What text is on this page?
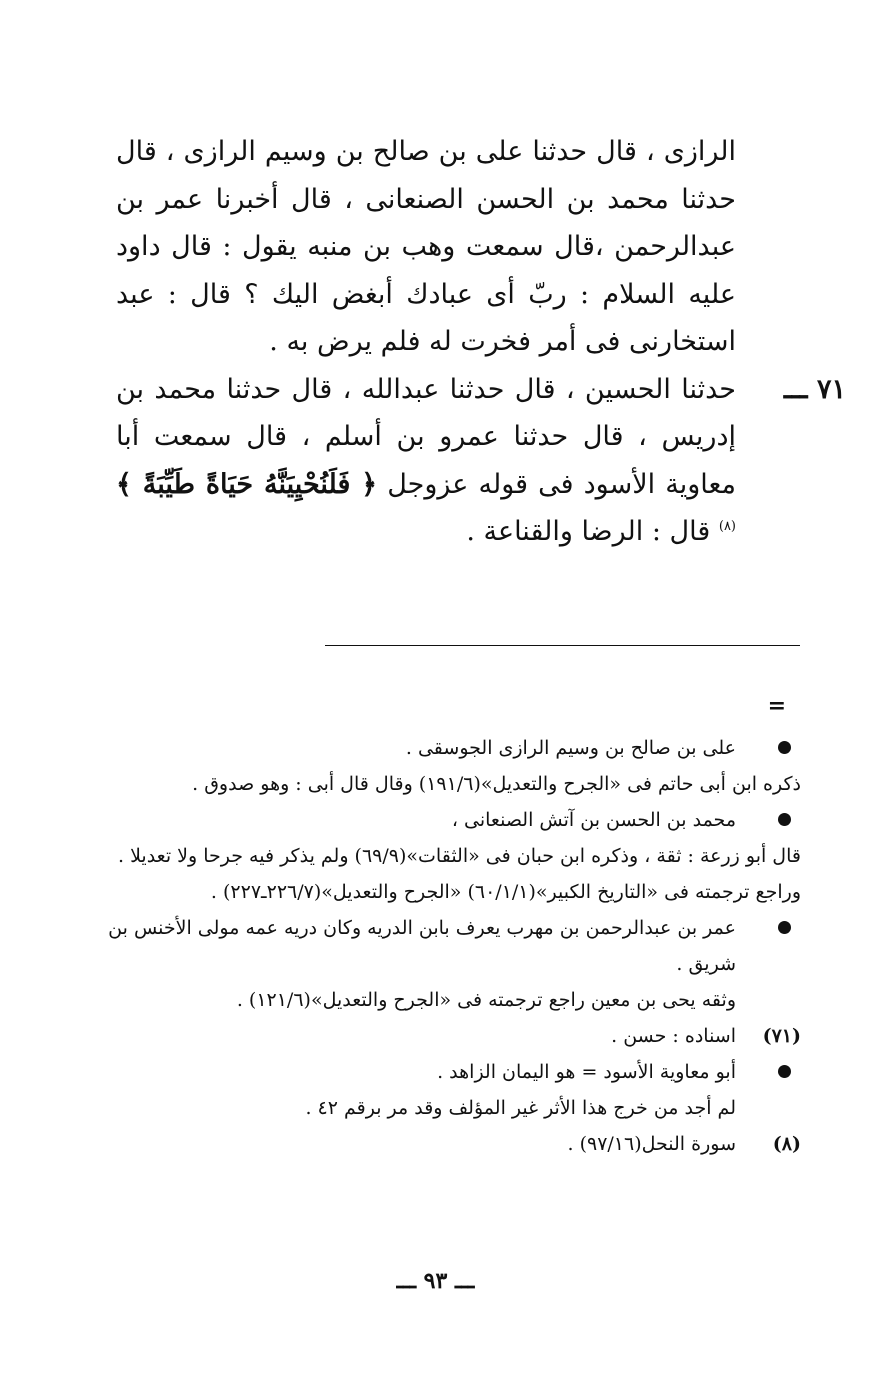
الرازى ، قال حدثنا على بن صالح بن وسيم الرازى ، قال حدثنا محمد بن الحسن الصنعانى ، قال أخبرنا عمر بن عبدالرحمن ،قال سمعت وهب بن منبه يقول : قال داود عليه السلام : ربّ أى عبادك أبغض اليك ؟ قال : عبد استخارنى فى أمر فخرت له فلم يرض به .

٧١ ـــ
حدثنا الحسين ، قال حدثنا عبدالله ، قال حدثنا محمد بن إدريس ، قال حدثنا عمرو بن أسلم ، قال سمعت أبا معاوية الأسود فى قوله عزوجل ﴿ فَلَنُحْيِيَنَّهُ حَيَاةً طَيِّبَةً ﴾ $^{(٨)}$ قال : الرضا والقناعة .

=

على بن صالح بن وسيم الرازى الجوسقى .

ذكره ابن أبى حاتم فى «الجرح والتعديل»(١٩١/٦) وقال قال أبى : وهو صدوق .

محمد بن الحسن بن آتش الصنعانى ،

قال أبو زرعة : ثقة ، وذكره ابن حبان فى «الثقات»(٦٩/٩) ولم يذكر فيه جرحا ولا تعديلا .

وراجع ترجمته فى «التاريخ الكبير»(٦٠/١/١) «الجرح والتعديل»(٢٢٦/٧ـ٢٢٧) .

عمر بن عبدالرحمن بن مهرب يعرف بابن الدريه وكان دريه عمه مولى الأخنس بن شريق .

وثقه يحى بن معين راجع ترجمته فى «الجرح والتعديل»(١٢١/٦) .

(٧١)
اسناده : حسن .

أبو معاوية الأسود = هو اليمان الزاهد .

لم أجد من خرج هذا الأثر غير المؤلف وقد مر برقم ٤٢ .

(٨)
سورة النحل(٩٧/١٦) .

ـــ ٩٣ ـــ
